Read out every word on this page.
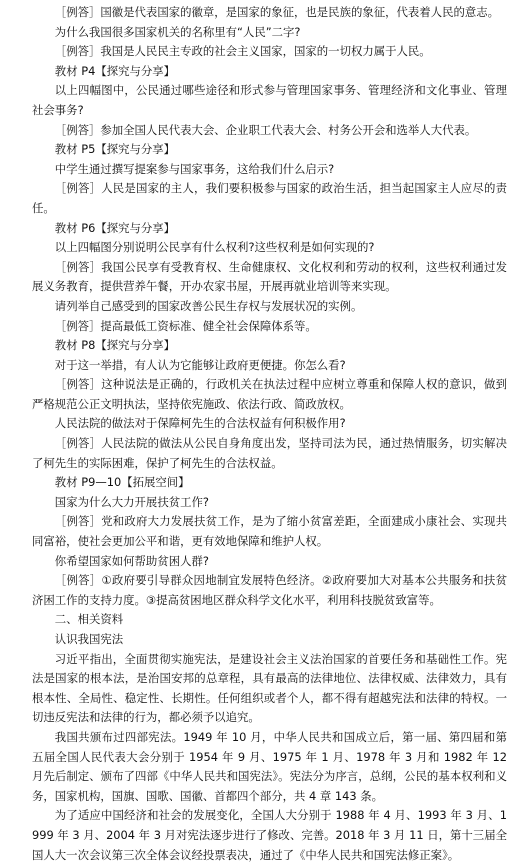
［例答］国徽是代表国家的徽章，是国家的象征，也是民族的象征，代表着人民的意志。

为什么我国很多国家机关的名称里有“人民”二字?

［例答］我国是人民民主专政的社会主义国家，国家的一切权力属于人民。

教材 P4【探究与分享】

以上四幅图中，公民通过哪些途径和形式参与管理国家事务、管理经济和文化事业、管理社会事务?

［例答］参加全国人民代表大会、企业职工代表大会、村务公开会和选举人大代表。

教材 P5【探究与分享】

中学生通过撰写提案参与国家事务，这给我们什么启示?

［例答］人民是国家的主人，我们要积极参与国家的政治生活，担当起国家主人应尽的责任。

教材 P6【探究与分享】

以上四幅图分别说明公民享有什么权利?这些权利是如何实现的?

［例答］我国公民享有受教育权、生命健康权、文化权利和劳动的权利，这些权利通过发展义务教育，提供营养午餐，开办农家书屋，开展再就业培训等来实现。

请列举自己感受到的国家改善公民生存权与发展状况的实例。

［例答］提高最低工资标准、健全社会保障体系等。

教材 P8【探究与分享】

对于这一举措，有人认为它能够让政府更便捷。你怎么看?

［例答］这种说法是正确的，行政机关在执法过程中应树立尊重和保障人权的意识，做到严格规范公正文明执法，坚持依宪施政、依法行政、简政放权。

人民法院的做法对于保障柯先生的合法权益有何积极作用?

［例答］人民法院的做法从公民自身角度出发，坚持司法为民，通过热情服务，切实解决了柯先生的实际困难，保护了柯先生的合法权益。

教材 P9—10【拓展空间】

国家为什么大力开展扶贫工作?

［例答］党和政府大力发展扶贫工作，是为了缩小贫富差距，全面建成小康社会、实现共同富裕，使社会更加公平和谐，更有效地保障和维护人权。

你希望国家如何帮助贫困人群?

［例答］①政府要引导群众因地制宜发展特色经济。②政府要加大对基本公共服务和扶贫济困工作的支持力度。③提高贫困地区群众科学文化水平，利用科技脱贫致富等。

二、相关资料

认识我国宪法

习近平指出，全面贯彻实施宪法，是建设社会主义法治国家的首要任务和基础性工作。宪法是国家的根本法，是治国安邦的总章程，具有最高的法律地位、法律权威、法律效力，具有根本性、全局性、稳定性、长期性。任何组织或者个人，都不得有超越宪法和法律的特权。一切违反宪法和法律的行为，都必须予以追究。

我国共颁布过四部宪法。1949 年 10 月，中华人民共和国成立后，第一届、第四届和第五届全国人民代表大会分别于 1954 年 9 月、1975 年 1 月、1978 年 3 月和 1982 年 12 月先后制定、颁布了四部《中华人民共和国宪法》。宪法分为序言，总纲，公民的基本权利和义务，国家机构，国旗、国歌、国徽、首都四个部分，共 4 章 143 条。

为了适应中国经济和社会的发展变化，全国人大分别于 1988 年 4 月、1993 年 3 月、1999 年 3 月、2004 年 3 月对宪法逐步进行了修改、完善。2018 年 3 月 11 日，第十三届全国人大一次会议第三次全体会议经投票表决，通过了《中华人民共和国宪法修正案》。
